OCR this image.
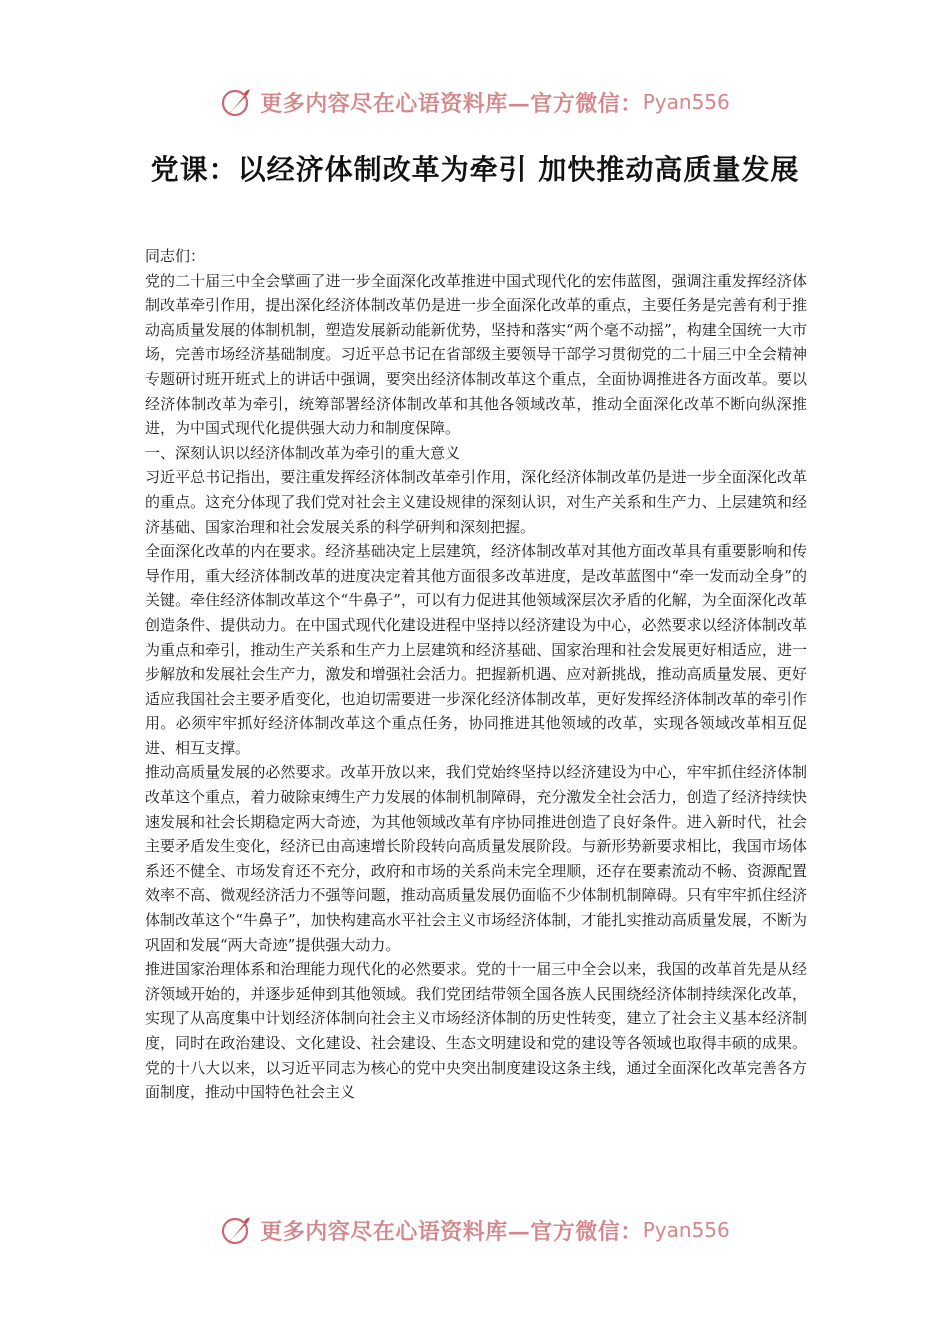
更多内容尽在心语资料库—官方微信： Pyan556
党课：以经济体制改革为牵引 加快推动高质量发展

同志们：

党的二十届三中全会擘画了进一步全面深化改革推进中国式现代化的宏伟蓝图，强调注重发挥经济体制改革牵引作用，提出深化经济体制改革仍是进一步全面深化改革的重点，主要任务是完善有利于推动高质量发展的体制机制，塑造发展新动能新优势，坚持和落实“两个毫不动摇”，构建全国统一大市场，完善市场经济基础制度。习近平总书记在省部级主要领导干部学习贯彻党的二十届三中全会精神专题研讨班开班式上的讲话中强调，要突出经济体制改革这个重点，全面协调推进各方面改革。要以经济体制改革为牵引，统筹部署经济体制改革和其他各领域改革，推动全面深化改革不断向纵深推进，为中国式现代化提供强大动力和制度保障。

一、深刻认识以经济体制改革为牵引的重大意义

习近平总书记指出，要注重发挥经济体制改革牵引作用，深化经济体制改革仍是进一步全面深化改革的重点。这充分体现了我们党对社会主义建设规律的深刻认识，对生产关系和生产力、上层建筑和经济基础、国家治理和社会发展关系的科学研判和深刻把握。

全面深化改革的内在要求。经济基础决定上层建筑，经济体制改革对其他方面改革具有重要影响和传导作用，重大经济体制改革的进度决定着其他方面很多改革进度，是改革蓝图中“牵一发而动全身”的关键。牵住经济体制改革这个“牛鼻子”，可以有力促进其他领域深层次矛盾的化解，为全面深化改革创造条件、提供动力。在中国式现代化建设进程中坚持以经济建设为中心，必然要求以经济体制改革为重点和牵引，推动生产关系和生产力上层建筑和经济基础、国家治理和社会发展更好相适应，进一步解放和发展社会生产力，激发和增强社会活力。把握新机遇、应对新挑战，推动高质量发展、更好适应我国社会主要矛盾变化，也迫切需要进一步深化经济体制改革，更好发挥经济体制改革的牵引作用。必须牢牢抓好经济体制改革这个重点任务，协同推进其他领域的改革，实现各领域改革相互促进、相互支撑。

推动高质量发展的必然要求。改革开放以来，我们党始终坚持以经济建设为中心，牢牢抓住经济体制改革这个重点，着力破除束缚生产力发展的体制机制障碍，充分激发全社会活力，创造了经济持续快速发展和社会长期稳定两大奇迹，为其他领域改革有序协同推进创造了良好条件。进入新时代，社会主要矛盾发生变化，经济已由高速增长阶段转向高质量发展阶段。与新形势新要求相比，我国市场体系还不健全、市场发育还不充分，政府和市场的关系尚未完全理顺，还存在要素流动不畅、资源配置效率不高、微观经济活力不强等问题，推动高质量发展仍面临不少体制机制障碍。只有牢牢抓住经济体制改革这个“牛鼻子”，加快构建高水平社会主义市场经济体制，才能扎实推动高质量发展，不断为巩固和发展“两大奇迹”提供强大动力。

推进国家治理体系和治理能力现代化的必然要求。党的十一届三中全会以来，我国的改革首先是从经济领域开始的，并逐步延伸到其他领域。我们党团结带领全国各族人民围绕经济体制持续深化改革，实现了从高度集中计划经济体制向社会主义市场经济体制的历史性转变，建立了社会主义基本经济制度，同时在政治建设、文化建设、社会建设、生态文明建设和党的建设等各领域也取得丰硕的成果。党的十八大以来，以习近平同志为核心的党中央突出制度建设这条主线，通过全面深化改革完善各方面制度，推动中国特色社会主义

更多内容尽在心语资料库—官方微信： Pyan556
